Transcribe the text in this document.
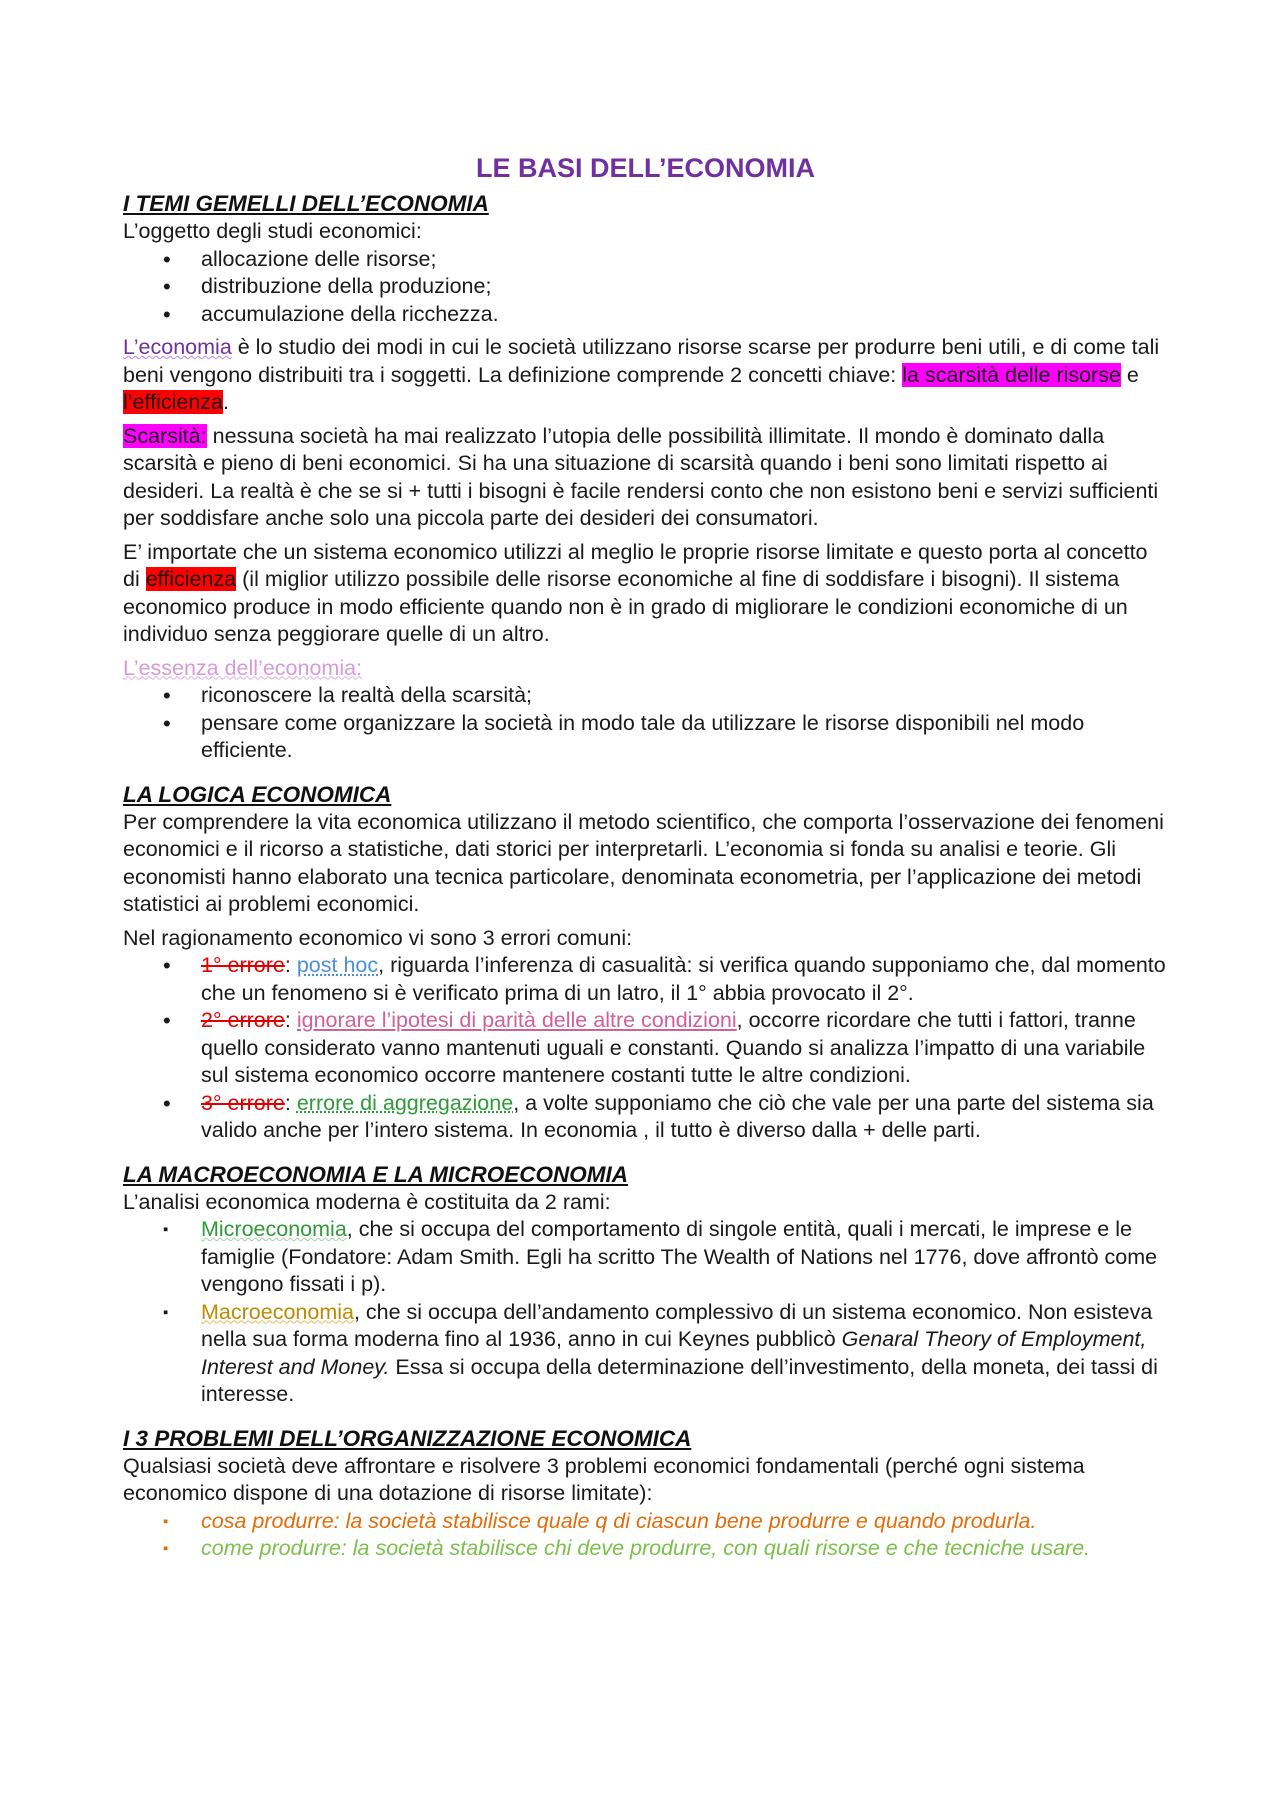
LE BASI DELL’ECONOMIA
I TEMI GEMELLI DELL’ECONOMIA

L’oggetto degli studi economici:

• allocazione delle risorse;
• distribuzione della produzione;
• accumulazione della ricchezza.

L’economia è lo studio dei modi in cui le società utilizzano risorse scarse per produrre beni utili, e di come tali beni vengono distribuiti tra i soggetti. La definizione comprende 2 concetti chiave: la scarsità delle risorse e l’efficienza.

Scarsità: nessuna società ha mai realizzato l’utopia delle possibilità illimitate. Il mondo è dominato dalla scarsità e pieno di beni economici. Si ha una situazione di scarsità quando i beni sono limitati rispetto ai desideri. La realtà è che se si + tutti i bisogni è facile rendersi conto che non esistono beni e servizi sufficienti per soddisfare anche solo una piccola parte dei desideri dei consumatori.

E’ importate che un sistema economico utilizzi al meglio le proprie risorse limitate e questo porta al concetto di efficienza (il miglior utilizzo possibile delle risorse economiche al fine di soddisfare i bisogni). Il sistema economico produce in modo efficiente quando non è in grado di migliorare le condizioni economiche di un individuo senza peggiorare quelle di un altro.

L’essenza dell’economia:

• riconoscere la realtà della scarsità;
• pensare come organizzare la società in modo tale da utilizzare le risorse disponibili nel modo efficiente.
LA LOGICA ECONOMICA

Per comprendere la vita economica utilizzano il metodo scientifico, che comporta l’osservazione dei fenomeni economici e il ricorso a statistiche, dati storici per interpretarli. L’economia si fonda su analisi e teorie. Gli economisti hanno elaborato una tecnica particolare, denominata econometria, per l’applicazione dei metodi statistici ai problemi economici.

Nel ragionamento economico vi sono 3 errori comuni:

• 1° errore: post hoc, riguarda l’inferenza di casualità: si verifica quando supponiamo che, dal momento che un fenomeno si è verificato prima di un latro, il 1° abbia provocato il 2°.
• 2° errore: ignorare l’ipotesi di parità delle altre condizioni, occorre ricordare che tutti i fattori, tranne quello considerato vanno mantenuti uguali e constanti. Quando si analizza l’impatto di una variabile sul sistema economico occorre mantenere costanti tutte le altre condizioni.
• 3° errore: errore di aggregazione, a volte supponiamo che ciò che vale per una parte del sistema sia valido anche per l’intero sistema. In economia , il tutto è diverso dalla + delle parti.
LA MACROECONOMIA E LA MICROECONOMIA

L’analisi economica moderna è costituita da 2 rami:

▪ Microeconomia, che si occupa del comportamento di singole entità, quali i mercati, le imprese e le famiglie (Fondatore: Adam Smith. Egli ha scritto The Wealth of Nations nel 1776, dove affrontò come vengono fissati i p).
▪ Macroeconomia, che si occupa dell’andamento complessivo di un sistema economico. Non esisteva nella sua forma moderna fino al 1936, anno in cui Keynes pubblicò Genaral Theory of Employment, Interest and Money. Essa si occupa della determinazione dell’investimento, della moneta, dei tassi di interesse.
I 3 PROBLEMI DELL’ORGANIZZAZIONE ECONOMICA

Qualsiasi società deve affrontare e risolvere 3 problemi economici fondamentali (perché ogni sistema economico dispone di una dotazione di risorse limitate):

▪ cosa produrre: la società stabilisce quale q di ciascun bene produrre e quando produrla.
▪ come produrre: la società stabilisce chi deve produrre, con quali risorse e che tecniche usare.
